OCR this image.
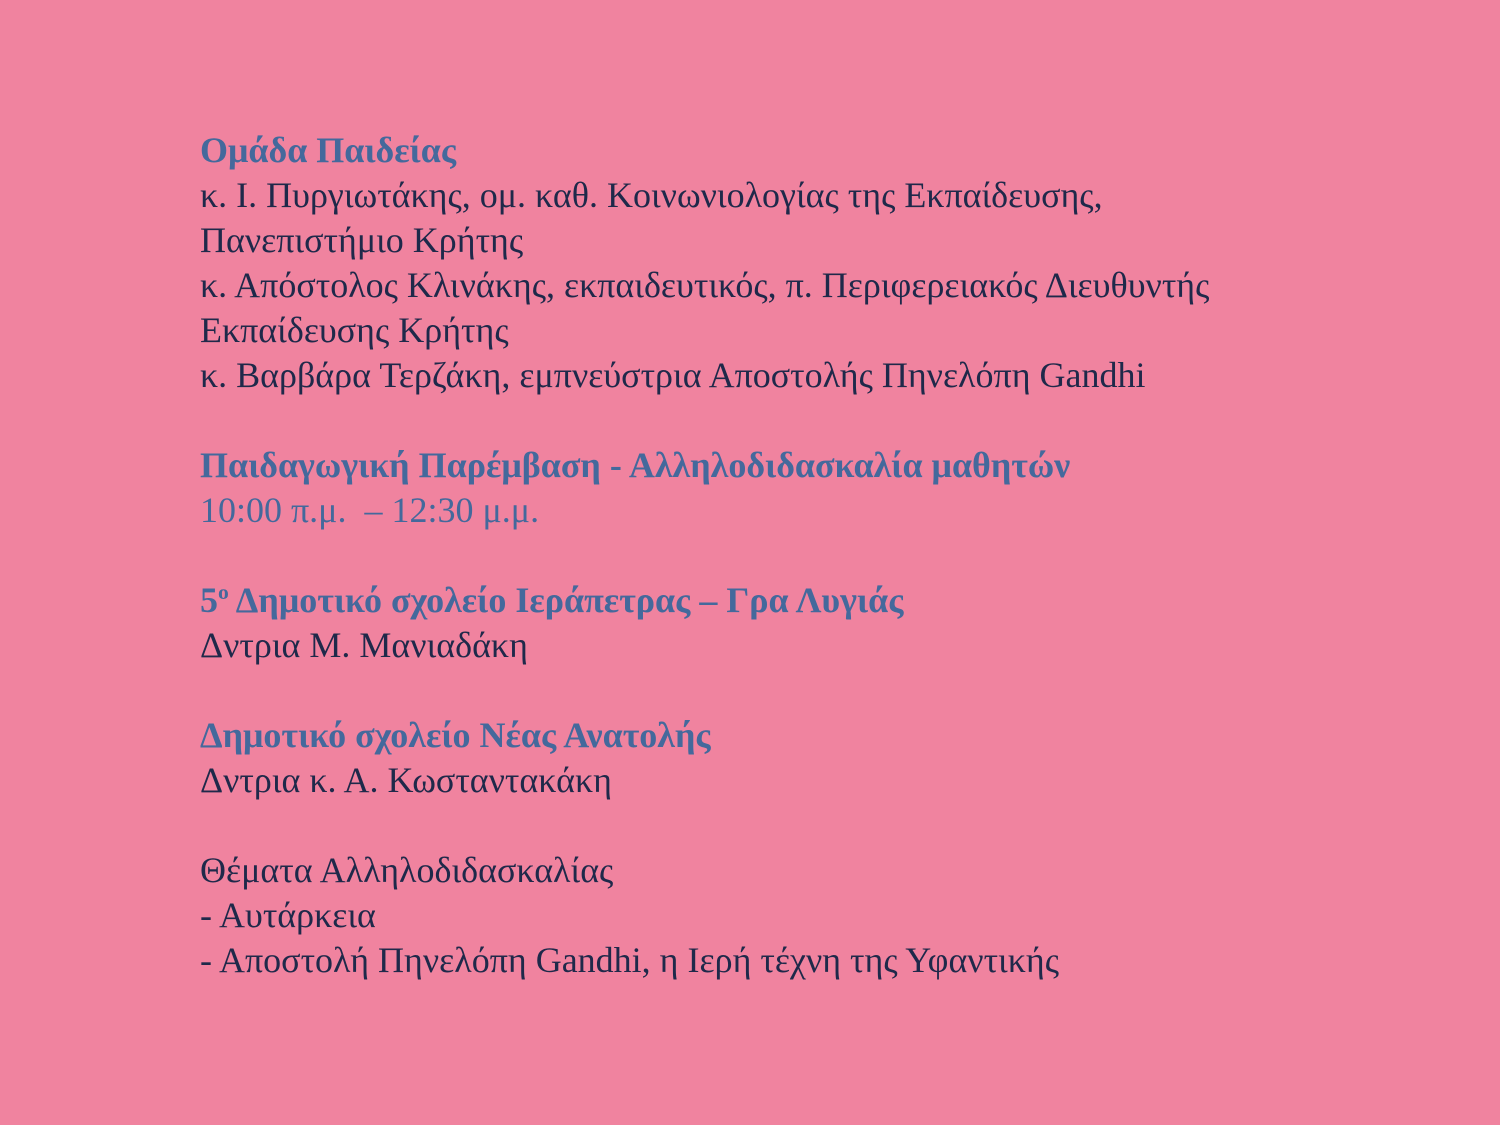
Ομάδα Παιδείας
κ. Ι. Πυργιωτάκης, ομ. καθ. Κοινωνιολογίας της Εκπαίδευσης,
Πανεπιστήμιο Κρήτης
κ. Απόστολος Κλινάκης, εκπαιδευτικός, π. Περιφερειακός Διευθυντής
Εκπαίδευσης Κρήτης
κ. Βαρβάρα Τερζάκη, εμπνεύστρια Αποστολής Πηνελόπη Gandhi
Παιδαγωγική Παρέμβαση - Αλληλοδιδασκαλία μαθητών
10:00 π.μ.  – 12:30 μ.μ.
$5^o$ Δημοτικό σχολείο Ιεράπετρας – Γρα Λυγιάς
Δντρια Μ. Μανιαδάκη
Δημοτικό σχολείο Νέας Ανατολής
Δντρια κ. Α. Κωσταντακάκη
Θέματα Αλληλοδιδασκαλίας
- Αυτάρκεια
- Αποστολή Πηνελόπη Gandhi, η Ιερή τέχνη της Υφαντικής
